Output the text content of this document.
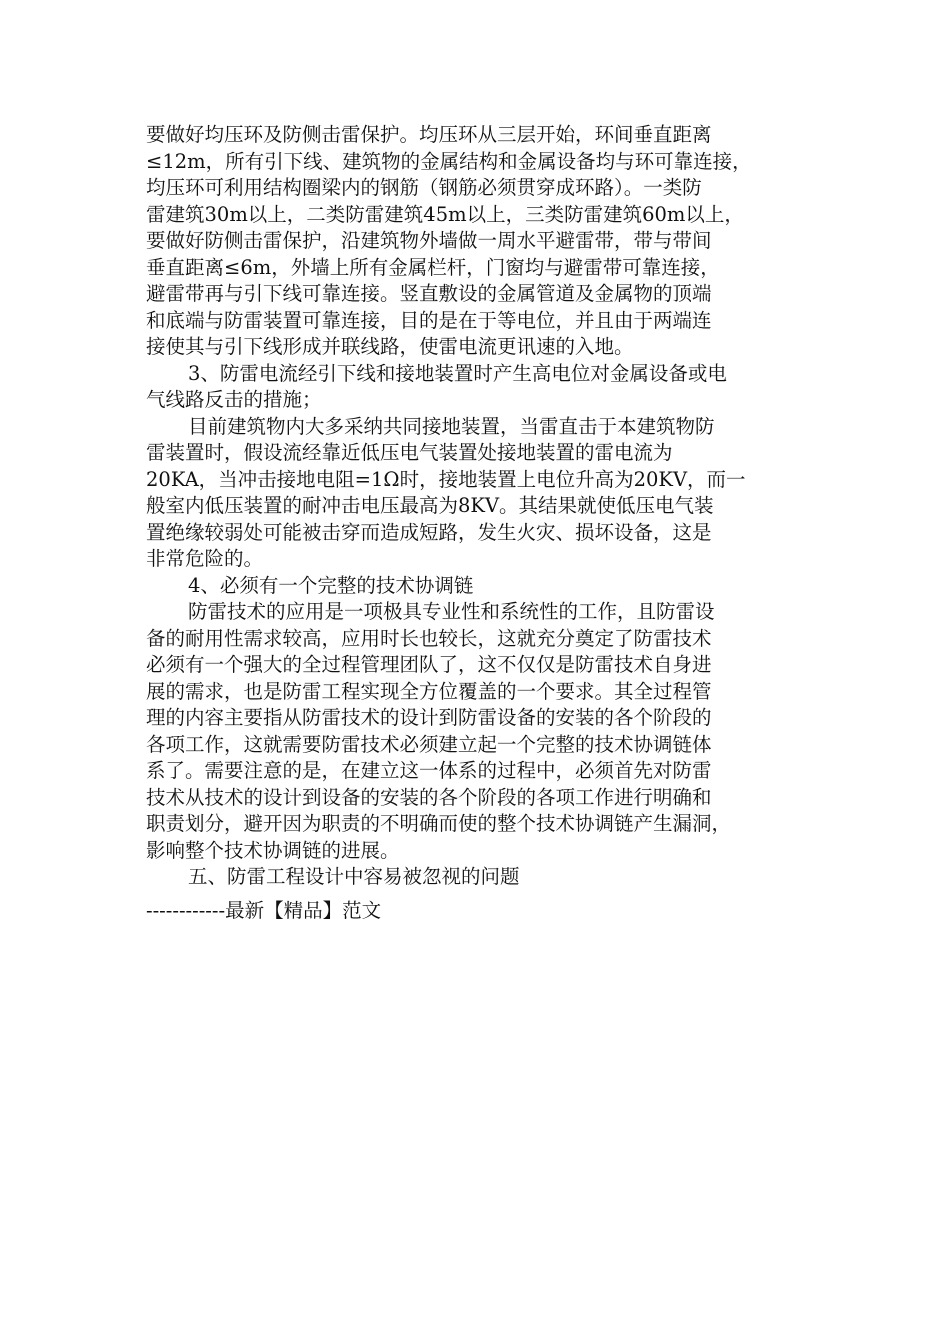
要做好均压环及防侧击雷保护。均压环从三层开始，环间垂直距离
≤12m，所有引下线、建筑物的金属结构和金属设备均与环可靠连接，
均压环可利用结构圈梁内的钢筋（钢筋必须贯穿成环路）。一类防
雷建筑30m以上，二类防雷建筑45m以上，三类防雷建筑60m以上，
要做好防侧击雷保护，沿建筑物外墙做一周水平避雷带，带与带间
垂直距离≤6m，外墙上所有金属栏杆，门窗均与避雷带可靠连接，
避雷带再与引下线可靠连接。竖直敷设的金属管道及金属物的顶端
和底端与防雷装置可靠连接，目的是在于等电位，并且由于两端连
接使其与引下线形成并联线路，使雷电流更讯速的入地。
3、防雷电流经引下线和接地装置时产生高电位对金属设备或电
气线路反击的措施；
目前建筑物内大多采纳共同接地装置，当雷直击于本建筑物防
雷装置时，假设流经靠近低压电气装置处接地装置的雷电流为
20KA，当冲击接地电阻=1Ω时，接地装置上电位升高为20KV，而一
般室内低压装置的耐冲击电压最高为8KV。其结果就使低压电气装
置绝缘较弱处可能被击穿而造成短路，发生火灾、损坏设备，这是
非常危险的。
4、必须有一个完整的技术协调链
防雷技术的应用是一项极具专业性和系统性的工作，且防雷设
备的耐用性需求较高，应用时长也较长，这就充分奠定了防雷技术
必须有一个强大的全过程管理团队了，这不仅仅是防雷技术自身进
展的需求，也是防雷工程实现全方位覆盖的一个要求。其全过程管
理的内容主要指从防雷技术的设计到防雷设备的安装的各个阶段的
各项工作，这就需要防雷技术必须建立起一个完整的技术协调链体
系了。需要注意的是，在建立这一体系的过程中，必须首先对防雷
技术从技术的设计到设备的安装的各个阶段的各项工作进行明确和
职责划分，避开因为职责的不明确而使的整个技术协调链产生漏洞，
影响整个技术协调链的进展。
五、防雷工程设计中容易被忽视的问题
------------最新【精品】范文
